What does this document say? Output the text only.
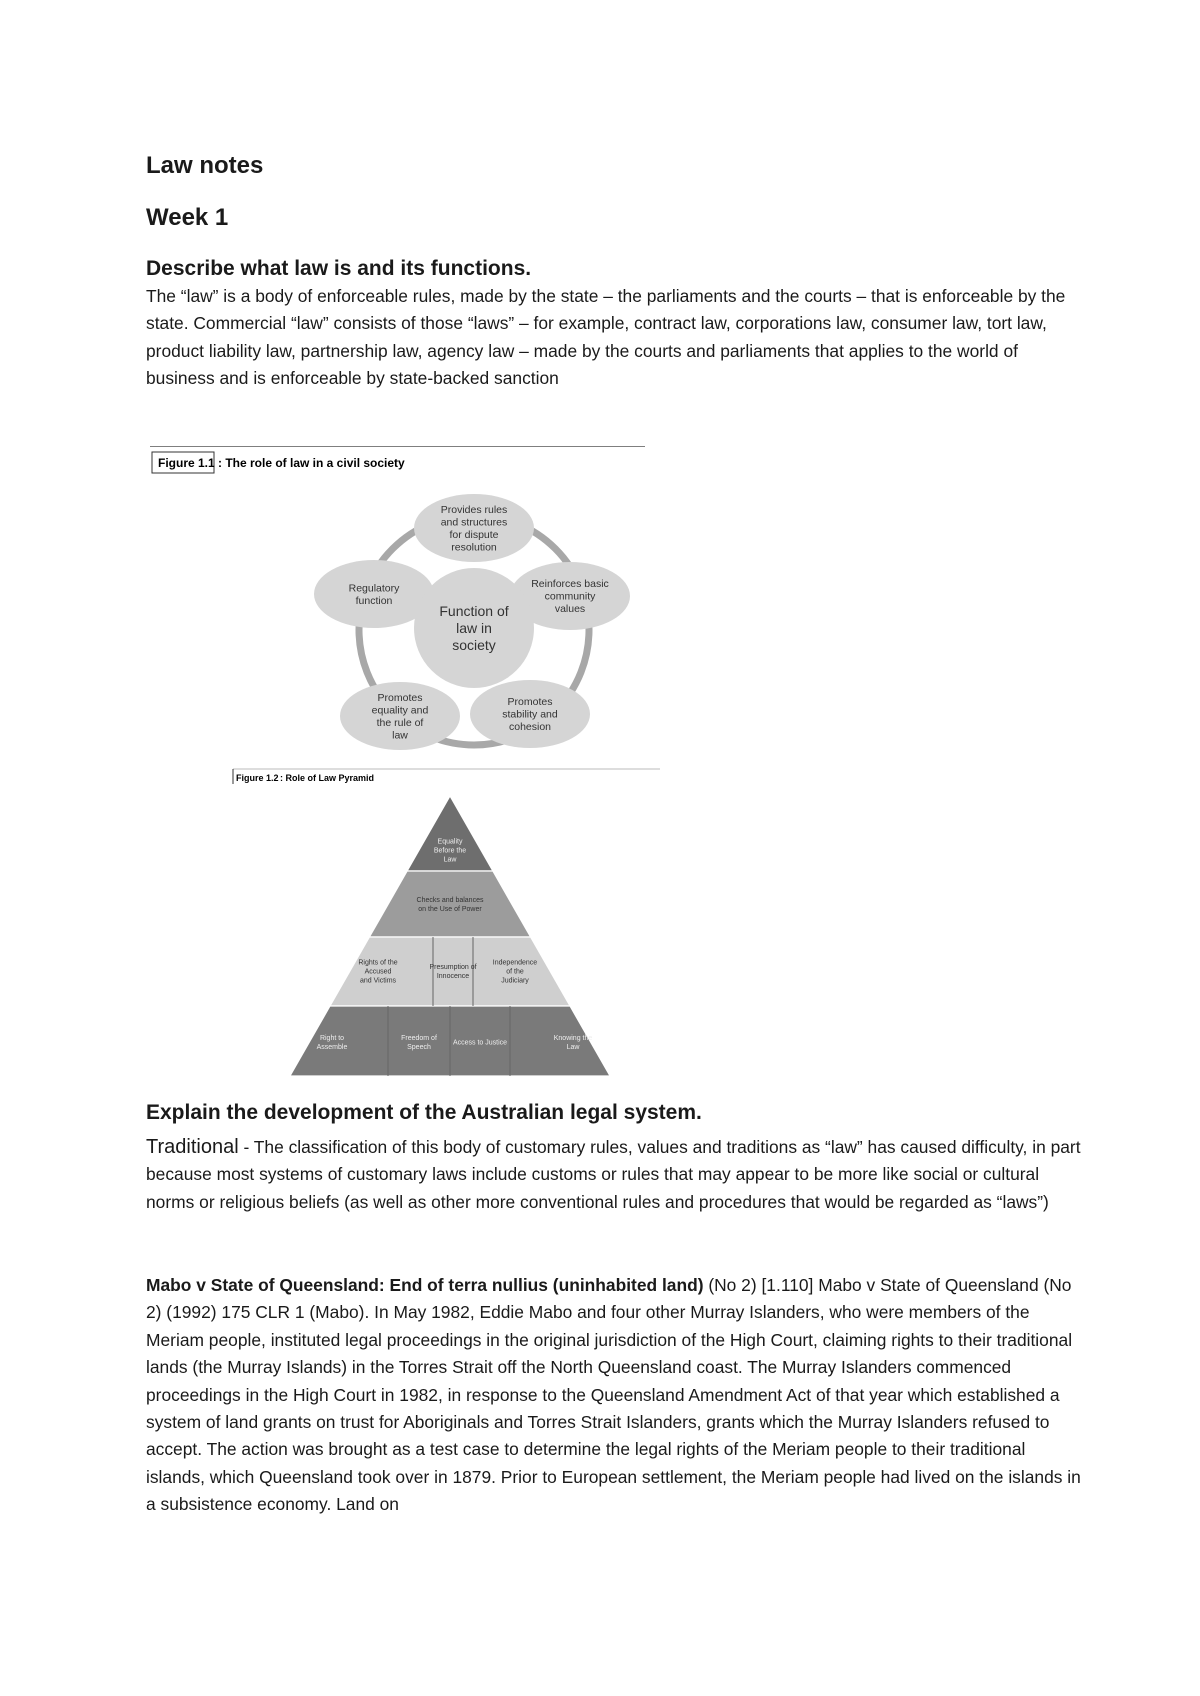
Law notes
Week 1
Describe what law is and its functions.

The “law” is a body of enforceable rules, made by the state – the parliaments and the courts – that is enforceable by the state. Commercial “law” consists of those “laws” – for example, contract law, corporations law, consumer law, tort law, product liability law, partnership law, agency law – made by the courts and parliaments that applies to the world of business and is enforceable by state-backed sanction

Figure 1.1 : The role of law in a civil society
Provides rules
and structures
for dispute
resolution
Reinforces basic
community
values
Promotes
stability and
cohesion
Promotes
equality and
the rule of
law
Regulatory
function
Function of
law in
society
Figure 1.2 : Role of Law Pyramid
Equality
Before the
Law
Checks and balances
on the Use of Power
Rights of the
Accused
and Victims
Presumption of
Innocence
Independence
of the
Judiciary
Right to
Assemble
Freedom of
Speech
Access to Justice
Knowing the
Law
Explain the development of the Australian legal system.

Traditional - The classification of this body of customary rules, values and traditions as “law” has caused difficulty, in part because most systems of customary laws include customs or rules that may appear to be more like social or cultural norms or religious beliefs (as well as other more conventional rules and procedures that would be regarded as “laws”)

Mabo v State of Queensland: End of terra nullius (uninhabited land) (No 2) [1.110] Mabo v State of Queensland (No 2) (1992) 175 CLR 1 (Mabo). In May 1982, Eddie Mabo and four other Murray Islanders, who were members of the Meriam people, instituted legal proceedings in the original jurisdiction of the High Court, claiming rights to their traditional lands (the Murray Islands) in the Torres Strait off the North Queensland coast. The Murray Islanders commenced proceedings in the High Court in 1982, in response to the Queensland Amendment Act of that year which established a system of land grants on trust for Aboriginals and Torres Strait Islanders, grants which the Murray Islanders refused to accept. The action was brought as a test case to determine the legal rights of the Meriam people to their traditional islands, which Queensland took over in 1879. Prior to European settlement, the Meriam people had lived on the islands in a subsistence economy. Land on
